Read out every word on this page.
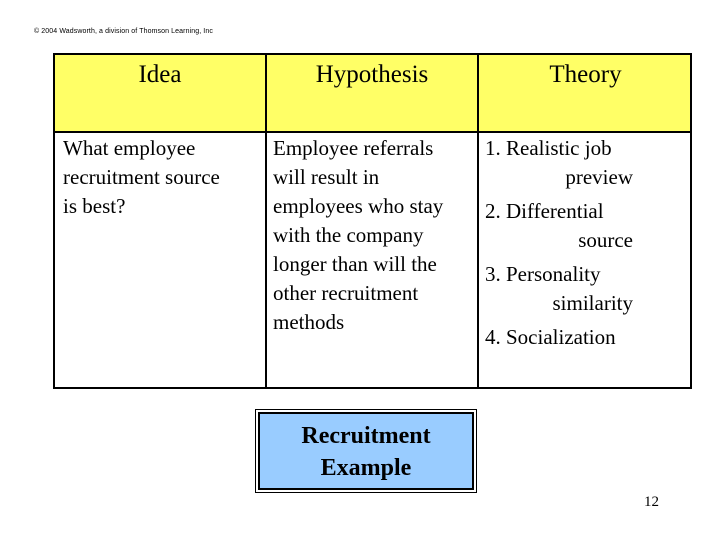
© 2004 Wadsworth, a division of Thomson Learning, Inc
Idea	Hypothesis	Theory
What employee
recruitment source
is best?
Employee referrals
will result in
employees who stay
with the company
longer than will the
other recruitment
methods
1. Realistic job
preview
2. Differential
source
3. Personality
similarity
4. Socialization
Recruitment
Example
12
